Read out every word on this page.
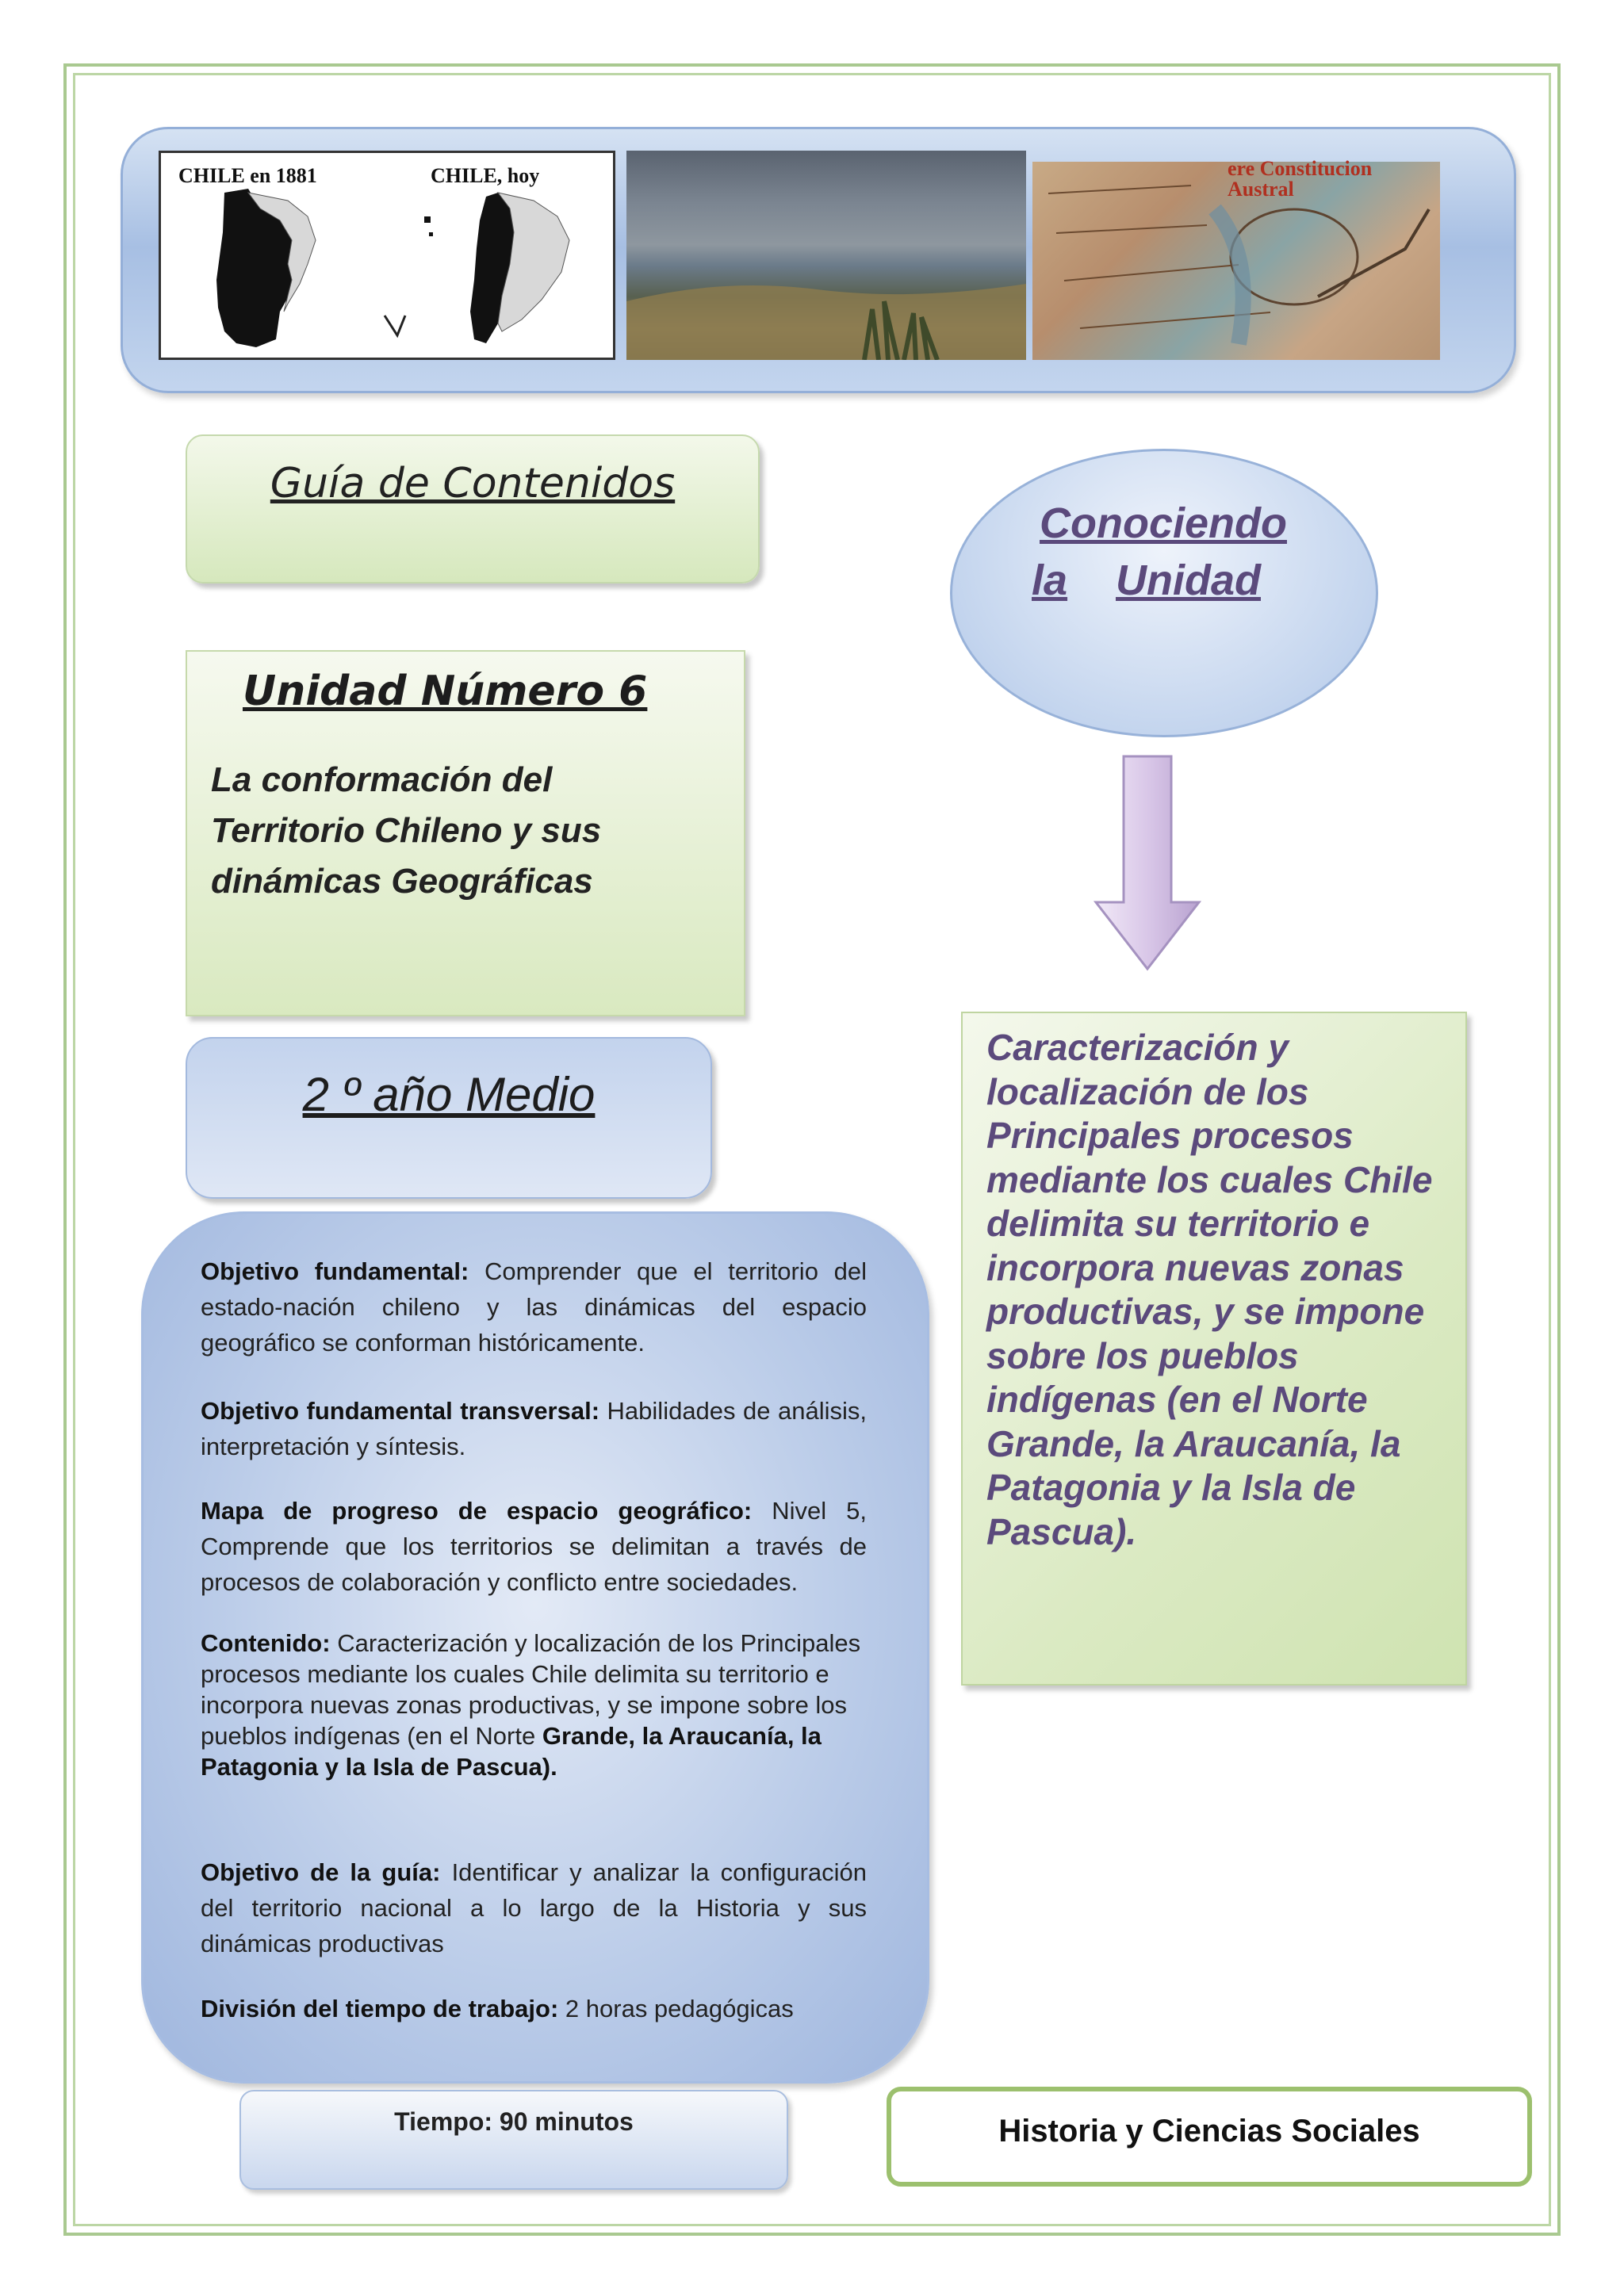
CHILE en 1881	CHILE, hoy	ere Constitucion Austral
Guía de Contenidos
Conociendo
la Unidad
Unidad Número 6
La conformación del
Territorio Chileno y sus
dinámicas Geográficas
2 º año Medio
Objetivo fundamental: Comprender que el territorio del estado-nación chileno y las dinámicas del espacio geográfico se conforman históricamente.
Objetivo fundamental transversal: Habilidades de análisis, interpretación y síntesis.
Mapa de progreso de espacio geográfico: Nivel 5, Comprende que los territorios se delimitan a través de procesos de colaboración y conflicto entre sociedades.
Contenido: Caracterización y localización de los Principales procesos mediante los cuales Chile delimita su territorio e incorpora nuevas zonas productivas, y se impone sobre los pueblos indígenas (en el Norte Grande, la Araucanía, la Patagonia y la Isla de Pascua).
Objetivo de la guía: Identificar y analizar la configuración del territorio nacional a lo largo de la Historia y sus dinámicas productivas
División del tiempo de trabajo: 2 horas pedagógicas
Caracterización y localización de los Principales procesos mediante los cuales Chile delimita su territorio e incorpora nuevas zonas productivas, y se impone sobre los pueblos indígenas (en el Norte Grande, la Araucanía, la Patagonia y la Isla de Pascua).
Tiempo: 90 minutos	Historia y Ciencias Sociales
